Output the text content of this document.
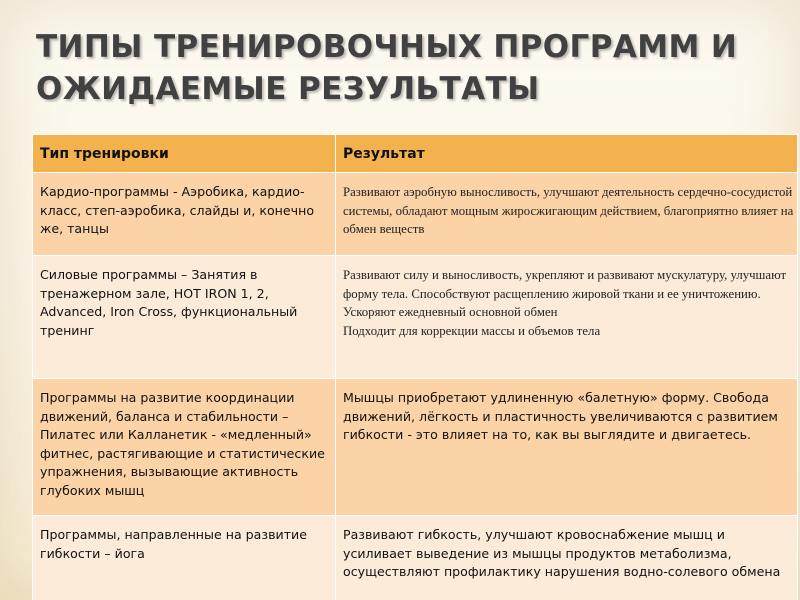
ТИПЫ ТРЕНИРОВОЧНЫХ ПРОГРАММ И
ОЖИДАЕМЫЕ РЕЗУЛЬТАТЫ
Тип тренировки	Результат

Кардио-программы - Аэробика, кардио-класс, степ-аэробика, слайды и, конечно же, танцы	Развивают аэробную выносливость, улучшают деятельность сердечно-сосудистой системы, обладают мощным жиросжигающим действием, благоприятно влияет на обмен веществ

Силовые программы – Занятия в тренажерном зале, HOT IRON 1, 2, Advanced, Iron Cross, функциональный тренинг	Развивают силу и выносливость, укрепляют и развивают мускулатуру, улучшают форму тела. Способствуют расщеплению жировой ткани и ее уничтожению. Ускоряют ежедневный основной обмен
Подходит для коррекции массы и объемов тела

Программы на развитие координации движений, баланса и стабильности – Пилатес или Калланетик - «медленный» фитнес, растягивающие и статистические упражнения, вызывающие активность глубоких мышц	Мышцы приобретают удлиненную «балетную» форму. Свобода движений, лёгкость и пластичность увеличиваются с развитием гибкости - это влияет на то, как вы выглядите и двигаетесь.

Программы, направленные на развитие гибкости – йога	Развивают гибкость, улучшают кровоснабжение мышц и усиливает выведение из мышцы продуктов метаболизма, осуществляют профилактику нарушения водно-солевого обмена
